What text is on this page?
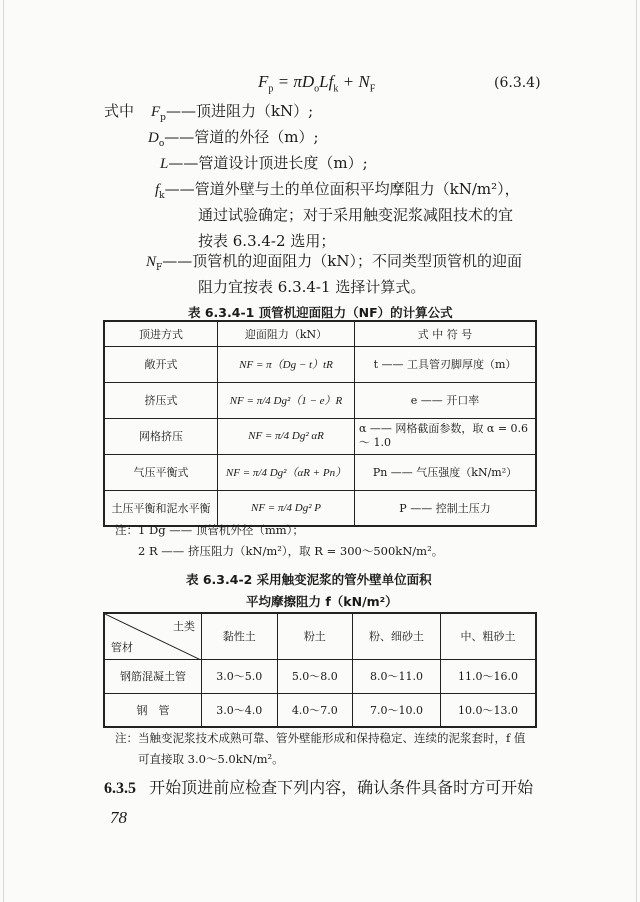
$F_p = \pi D_oLf_k + N_F$	(6.3.4)
式中 $F_p——$顶进阻力（kN）;
$D_o——$管道的外径（m）;
L——管道设计顶进长度（m）;
$f_k——$管道外壁与土的单位面积平均摩阻力（kN/m²），
通过试验确定；对于采用触变泥浆减阻技术的宜
按表 6.3.4-2 选用；
$N_F——$顶管机的迎面阻力（kN）；不同类型顶管机的迎面
阻力宜按表 6.3.4-1 选择计算式。
表 6.3.4-1 顶管机迎面阻力（NF）的计算公式
顶进方式	迎面阻力（kN）	式 中 符 号
敞开式	NF = π（Dg − t）tR	t —— 工具管刃脚厚度（m）
挤压式	NF = π/4 Dg²（1 − e）R	e —— 开口率
网格挤压	NF = π/4 Dg² αR	α —— 网格截面参数，取 α = 0.6 ～ 1.0
气压平衡式	NF = π/4 Dg²（αR + Pn）	Pn —— 气压强度（kN/m²）
土压平衡和泥水平衡	NF = π/4 Dg² P	P —— 控制土压力
注：1 Dg —— 顶管机外径（mm）；
2 R —— 挤压阻力（kN/m²），取 R = 300～500kN/m²。
表 6.3.4-2 采用触变泥浆的管外壁单位面积
平均摩擦阻力 f（kN/m²）
土类
管材	黏性土	粉土	粉、细砂土	中、粗砂土
钢筋混凝土管	3.0～5.0	5.0～8.0	8.0～11.0	11.0～16.0
钢　管	3.0～4.0	4.0～7.0	7.0～10.0	10.0～13.0
注：当触变泥浆技术成熟可靠、管外壁能形成和保持稳定、连续的泥浆套时，f 值
可直接取 3.0～5.0kN/m²。
6.3.5 开始顶进前应检查下列内容，确认条件具备时方可开始
78
